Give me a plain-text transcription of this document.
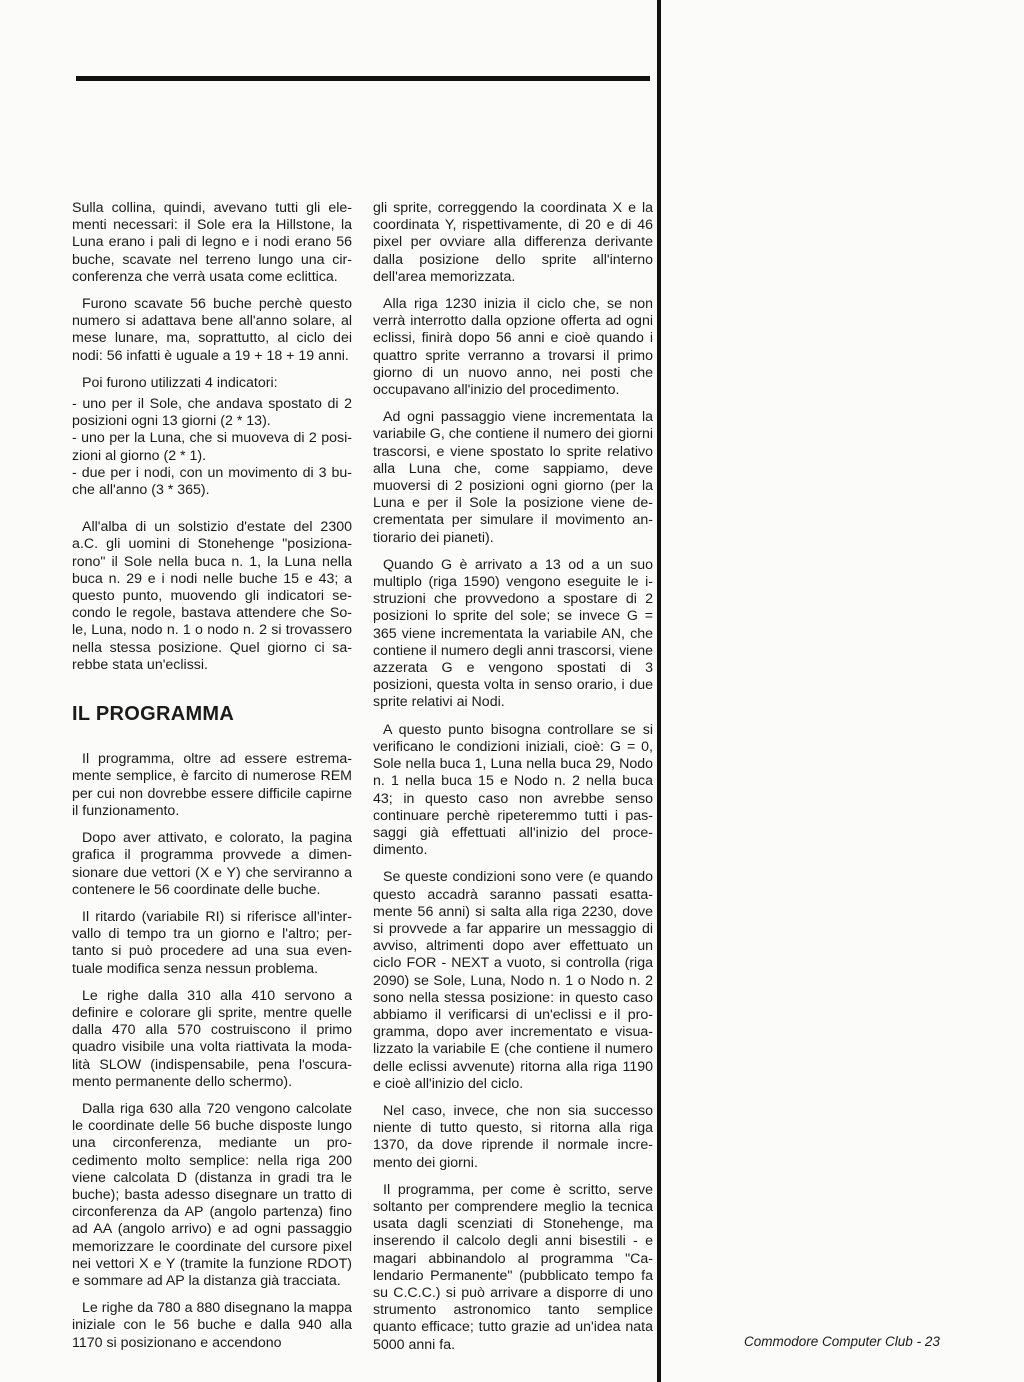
Sulla collina, quindi, avevano tutti gli elementi necessari: il Sole era la Hillstone, la Luna erano i pali di legno e i nodi erano 56 buche, scavate nel terreno lungo una circonferenza che verrà usata come eclittica.

Furono scavate 56 buche perchè questo numero si adattava bene all'anno solare, al mese lunare, ma, soprattutto, al ciclo dei nodi: 56 infatti è uguale a 19 + 18 + 19 anni.

Poi furono utilizzati 4 indicatori:

- uno per il Sole, che andava spostato di 2 posizioni ogni 13 giorni (2 * 13).
- uno per la Luna, che si muoveva di 2 posizioni al giorno (2 * 1).
- due per i nodi, con un movimento di 3 buche all'anno (3 * 365).

All'alba di un solstizio d'estate del 2300 a.C. gli uomini di Stonehenge "posizionarono" il Sole nella buca n. 1, la Luna nella buca n. 29 e i nodi nelle buche 15 e 43; a questo punto, muovendo gli indicatori secondo le regole, bastava attendere che Sole, Luna, nodo n. 1 o nodo n. 2 si trovassero nella stessa posizione. Quel giorno ci sarebbe stata un'eclissi.

IL PROGRAMMA

Il programma, oltre ad essere estremamente semplice, è farcito di numerose REM per cui non dovrebbe essere difficile capirne il funzionamento.

Dopo aver attivato, e colorato, la pagina grafica il programma provvede a dimensionare due vettori (X e Y) che serviranno a contenere le 56 coordinate delle buche.

Il ritardo (variabile RI) si riferisce all'intervallo di tempo tra un giorno e l'altro; pertanto si può procedere ad una sua eventuale modifica senza nessun problema.

Le righe dalla 310 alla 410 servono a definire e colorare gli sprite, mentre quelle dalla 470 alla 570 costruiscono il primo quadro visibile una volta riattivata la modalità SLOW (indispensabile, pena l'oscuramento permanente dello schermo).

Dalla riga 630 alla 720 vengono calcolate le coordinate delle 56 buche disposte lungo una circonferenza, mediante un procedimento molto semplice: nella riga 200 viene calcolata D (distanza in gradi tra le buche); basta adesso disegnare un tratto di circonferenza da AP (angolo partenza) fino ad AA (angolo arrivo) e ad ogni passaggio memorizzare le coordinate del cursore pixel nei vettori X e Y (tramite la funzione RDOT) e sommare ad AP la distanza già tracciata.

Le righe da 780 a 880 disegnano la mappa iniziale con le 56 buche e dalla 940 alla 1170 si posizionano e accendono

gli sprite, correggendo la coordinata X e la coordinata Y, rispettivamente, di 20 e di 46 pixel per ovviare alla differenza derivante dalla posizione dello sprite all'interno dell'area memorizzata.

Alla riga 1230 inizia il ciclo che, se non verrà interrotto dalla opzione offerta ad ogni eclissi, finirà dopo 56 anni e cioè quando i quattro sprite verranno a trovarsi il primo giorno di un nuovo anno, nei posti che occupavano all'inizio del procedimento.

Ad ogni passaggio viene incrementata la variabile G, che contiene il numero dei giorni trascorsi, e viene spostato lo sprite relativo alla Luna che, come sappiamo, deve muoversi di 2 posizioni ogni giorno (per la Luna e per il Sole la posizione viene decrementata per simulare il movimento antiorario dei pianeti).

Quando G è arrivato a 13 od a un suo multiplo (riga 1590) vengono eseguite le istruzioni che provvedono a spostare di 2 posizioni lo sprite del sole; se invece G = 365 viene incrementata la variabile AN, che contiene il numero degli anni trascorsi, viene azzerata G e vengono spostati di 3 posizioni, questa volta in senso orario, i due sprite relativi ai Nodi.

A questo punto bisogna controllare se si verificano le condizioni iniziali, cioè: G = 0, Sole nella buca 1, Luna nella buca 29, Nodo n. 1 nella buca 15 e Nodo n. 2 nella buca 43; in questo caso non avrebbe senso continuare perchè ripeteremmo tutti i passaggi già effettuati all'inizio del procedimento.

Se queste condizioni sono vere (e quando questo accadrà saranno passati esattamente 56 anni) si salta alla riga 2230, dove si provvede a far apparire un messaggio di avviso, altrimenti dopo aver effettuato un ciclo FOR - NEXT a vuoto, si controlla (riga 2090) se Sole, Luna, Nodo n. 1 o Nodo n. 2 sono nella stessa posizione: in questo caso abbiamo il verificarsi di un'eclissi e il programma, dopo aver incrementato e visualizzato la variabile E (che contiene il numero delle eclissi avvenute) ritorna alla riga 1190 e cioè all'inizio del ciclo.

Nel caso, invece, che non sia successo niente di tutto questo, si ritorna alla riga 1370, da dove riprende il normale incremento dei giorni.

Il programma, per come è scritto, serve soltanto per comprendere meglio la tecnica usata dagli scenziati di Stonehenge, ma inserendo il calcolo degli anni bisestili - e magari abbinandolo al programma "Calendario Permanente" (pubblicato tempo fa su C.C.C.) si può arrivare a disporre di uno strumento astronomico tanto semplice quanto efficace; tutto grazie ad un'idea nata 5000 anni fa.	Commodore Computer Club - 23
